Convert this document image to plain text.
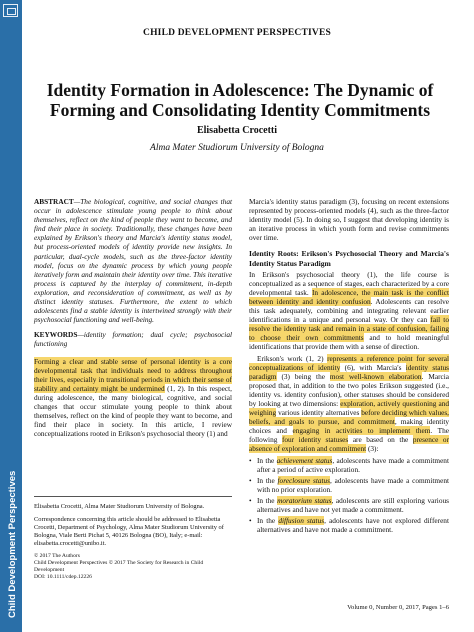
Child Development Perspectives
CHILD DEVELOPMENT PERSPECTIVES
Identity Formation in Adolescence: The Dynamic of Forming and Consolidating Identity Commitments
Elisabetta Crocetti
Alma Mater Studiorum University of Bologna
ABSTRACT—The biological, cognitive, and social changes that occur in adolescence stimulate young people to think about themselves, reflect on the kind of people they want to become, and find their place in society. Traditionally, these changes have been explained by Erikson's theory and Marcia's identity status model, but process-oriented models of identity provide new insights. In particular, dual-cycle models, such as the three-factor identity model, focus on the dynamic process by which young people iteratively form and maintain their identity over time. This iterative process is captured by the interplay of commitment, in-depth exploration, and reconsideration of commitment, as well as by distinct identity statuses. Furthermore, the extent to which adolescents find a stable identity is intertwined strongly with their psychosocial functioning and well-being.
KEYWORDS—identity formation; dual cycle; psychosocial functioning
Forming a clear and stable sense of personal identity is a core developmental task that individuals need to address throughout their lives, especially in transitional periods in which their sense of stability and certainty might be undermined (1, 2). In this respect, during adolescence, the many biological, cognitive, and social changes that occur stimulate young people to think about themselves, reflect on the kind of people they want to become, and find their place in society. In this article, I review conceptualizations rooted in Erikson's psychosocial theory (1) and
Elisabetta Crocetti, Alma Mater Studiorum University of Bologna.
Correspondence concerning this article should be addressed to Elisabetta Crocetti, Department of Psychology, Alma Mater Studiorum University of Bologna, Viale Berti Pichat 5, 40126 Bologna (BO), Italy; e-mail: elisabetta.crocetti@unibo.it.
© 2017 The Authors
Child Development Perspectives © 2017 The Society for Research in Child Development
DOI: 10.1111/cdep.12226
Marcia's identity status paradigm (3), focusing on recent extensions represented by process-oriented models (4), such as the three-factor identity model (5). In doing so, I suggest that developing identity is an iterative process in which youth form and revise commitments over time.
Identity Roots: Erikson's Psychosocial Theory and Marcia's Identity Status Paradigm
In Erikson's psychosocial theory (1), the life course is conceptualized as a sequence of stages, each characterized by a core developmental task. In adolescence, the main task is the conflict between identity and identity confusion. Adolescents can resolve this task adequately, combining and integrating relevant earlier identifications in a unique and personal way. Or they can fail to resolve the identity task and remain in a state of confusion, failing to choose their own commitments and to hold meaningful identifications that provide them with a sense of direction.
Erikson's work (1, 2) represents a reference point for several conceptualizations of identity (6), with Marcia's identity status paradigm (3) being the most well-known elaboration. Marcia proposed that, in addition to the two poles Erikson suggested (i.e., identity vs. identity confusion), other statuses should be considered by looking at two dimensions: exploration, actively questioning and weighing various identity alternatives before deciding which values, beliefs, and goals to pursue, and commitment, making identity choices and engaging in activities to implement them. The following four identity statuses are based on the presence or absence of exploration and commitment (3):
• In the achievement status, adolescents have made a commitment after a period of active exploration.
• In the foreclosure status, adolescents have made a commitment with no prior exploration.
• In the moratorium status, adolescents are still exploring various alternatives and have not yet made a commitment.
• In the diffusion status, adolescents have not explored different alternatives and have not made a commitment.
Volume 0, Number 0, 2017, Pages 1–6
